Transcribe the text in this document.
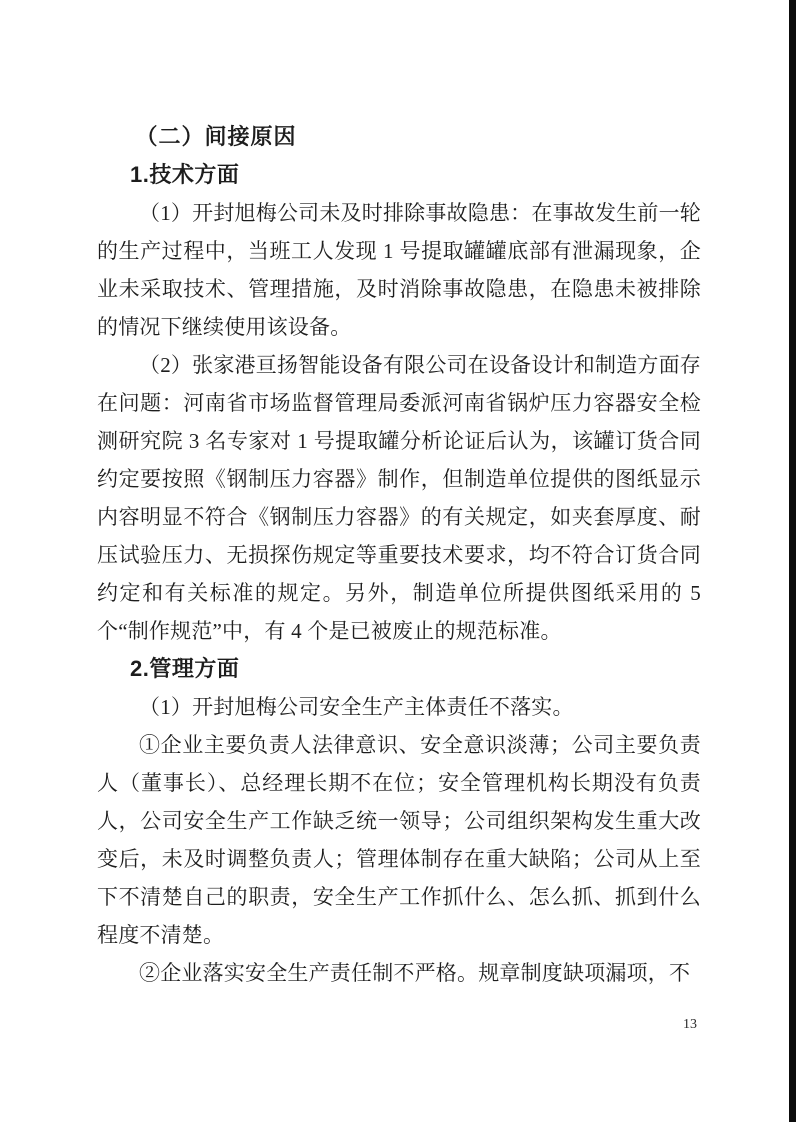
（二）间接原因
1.技术方面

（1）开封旭梅公司未及时排除事故隐患：在事故发生前一轮的生产过程中，当班工人发现 1 号提取罐罐底部有泄漏现象，企业未采取技术、管理措施，及时消除事故隐患，在隐患未被排除的情况下继续使用该设备。

（2）张家港亘扬智能设备有限公司在设备设计和制造方面存在问题：河南省市场监督管理局委派河南省锅炉压力容器安全检测研究院 3 名专家对 1 号提取罐分析论证后认为，该罐订货合同约定要按照《钢制压力容器》制作，但制造单位提供的图纸显示内容明显不符合《钢制压力容器》的有关规定，如夹套厚度、耐压试验压力、无损探伤规定等重要技术要求，均不符合订货合同约定和有关标准的规定。另外，制造单位所提供图纸采用的 5 个“制作规范”中，有 4 个是已被废止的规范标准。

2.管理方面

（1）开封旭梅公司安全生产主体责任不落实。

①企业主要负责人法律意识、安全意识淡薄；公司主要负责人（董事长）、总经理长期不在位；安全管理机构长期没有负责人，公司安全生产工作缺乏统一领导；公司组织架构发生重大改变后，未及时调整负责人；管理体制存在重大缺陷；公司从上至下不清楚自己的职责，安全生产工作抓什么、怎么抓、抓到什么程度不清楚。

②企业落实安全生产责任制不严格。规章制度缺项漏项，不

13
